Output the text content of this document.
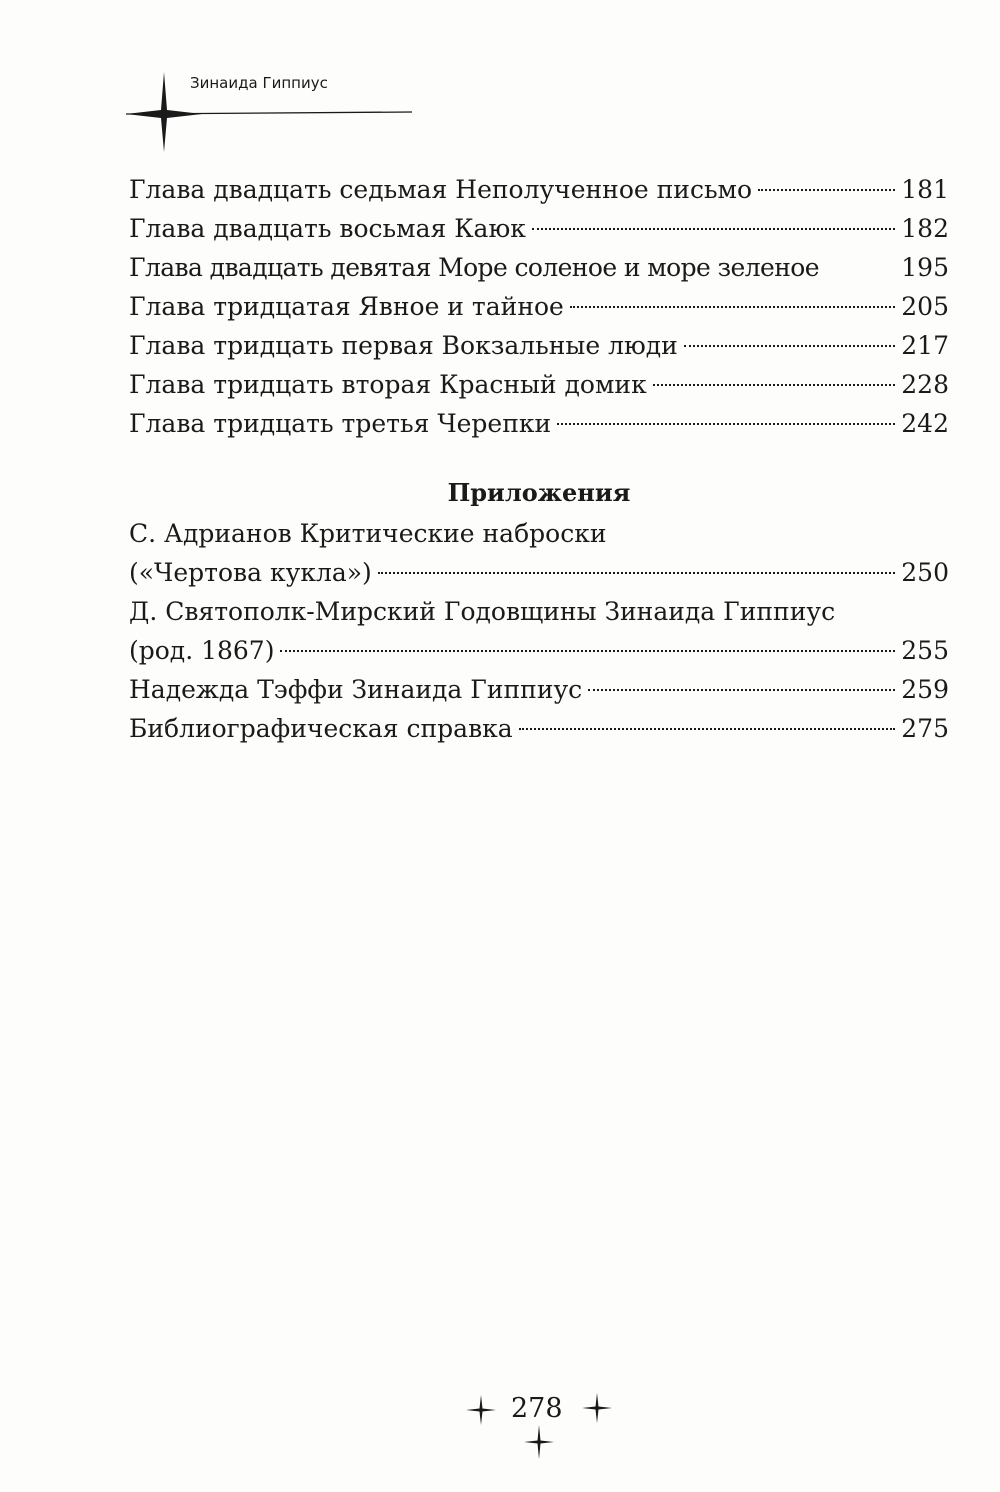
Зинаида Гиппиус
Глава двадцать седьмая Неполученное письмо	181
Глава двадцать восьмая Каюк	182
Глава двадцать девятая Море соленое и море зеленое	195
Глава тридцатая Явное и тайное	205
Глава тридцать первая Вокзальные люди	217
Глава тридцать вторая Красный домик	228
Глава тридцать третья Черепки	242
Приложения
С. Адрианов Критические наброски
(«Чертова кукла»)	250
Д. Святополк-Мирский Годовщины Зинаида Гиппиус
(род. 1867)	255
Надежда Тэффи Зинаида Гиппиус	259
Библиографическая справка	275
278
